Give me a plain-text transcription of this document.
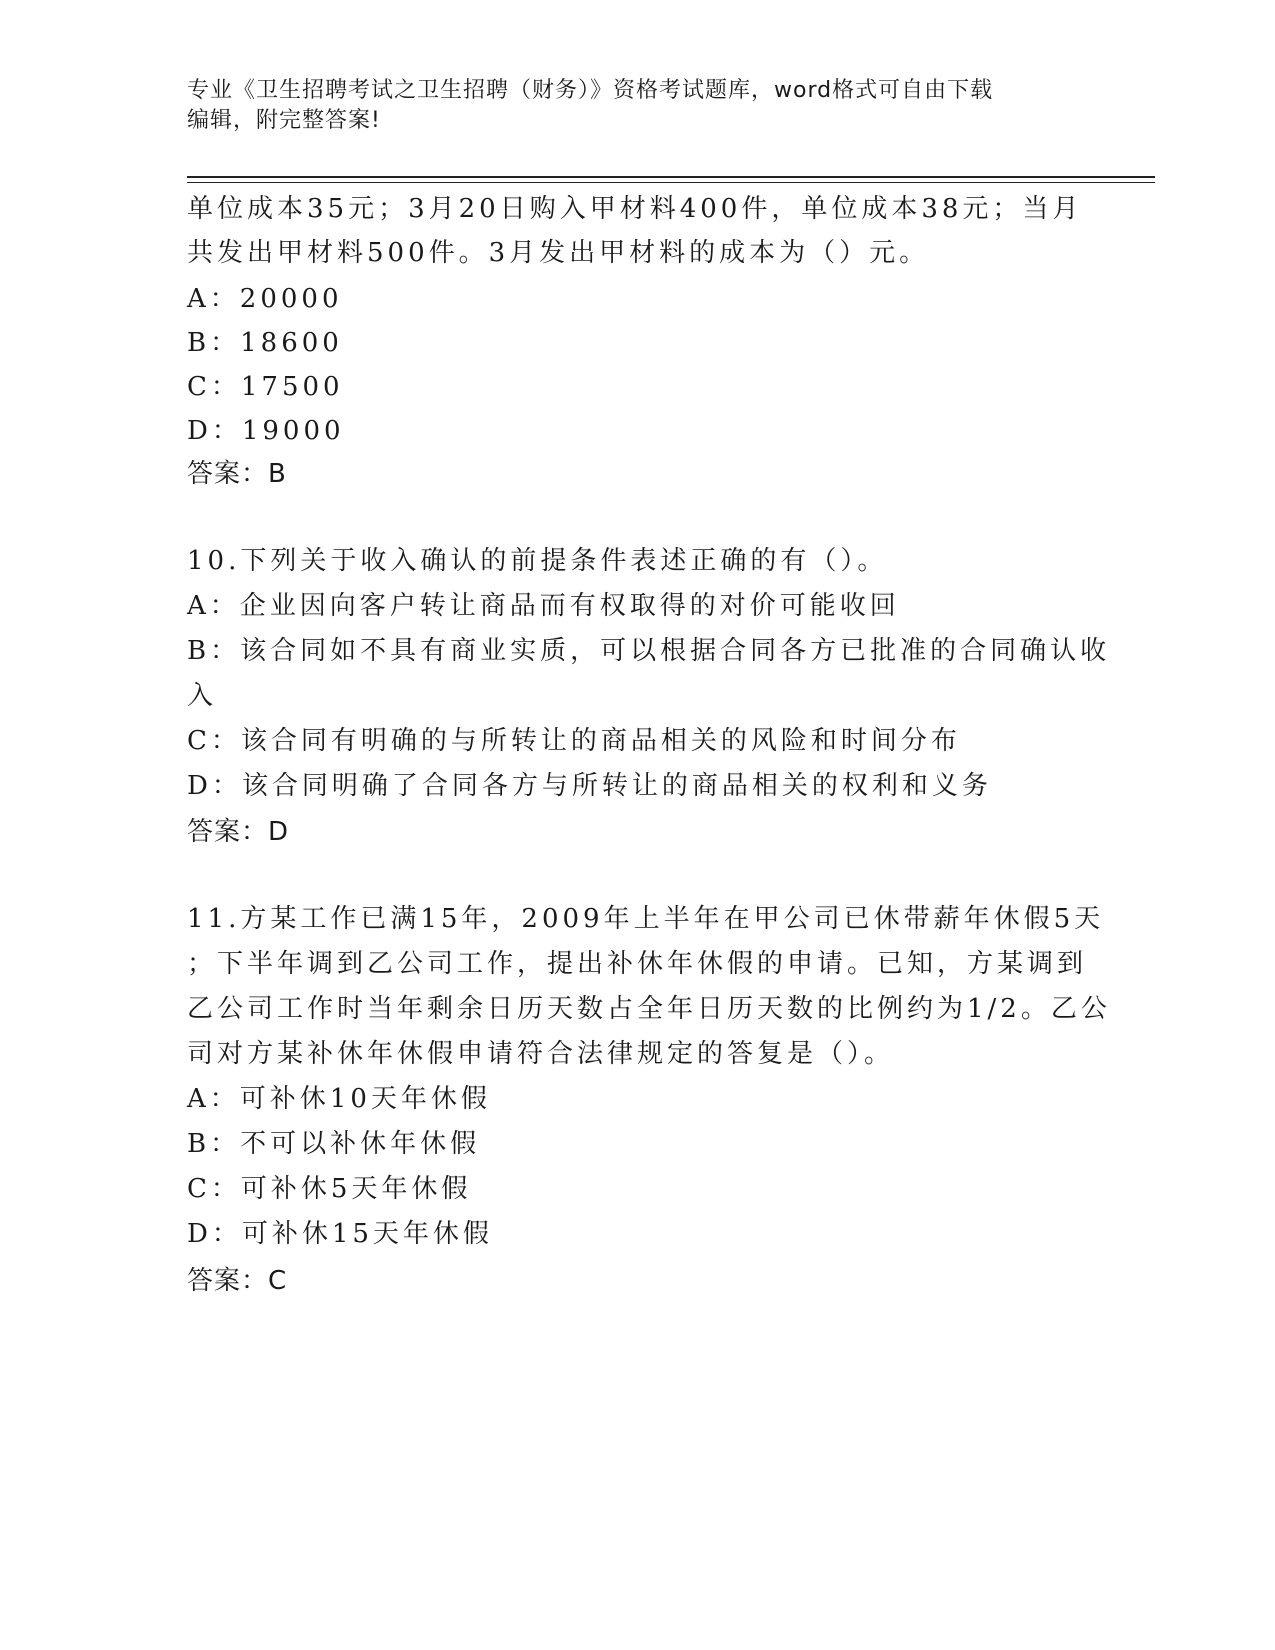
专业《卫生招聘考试之卫生招聘（财务）》资格考试题库，word格式可自由下载
编辑，附完整答案!
单位成本35元；3月20日购入甲材料400件，单位成本38元；当月
共发出甲材料500件。3月发出甲材料的成本为（）元。
A：20000
B：18600
C：17500
D：19000
答案：B
10.下列关于收入确认的前提条件表述正确的有（）。
A：企业因向客户转让商品而有权取得的对价可能收回
B：该合同如不具有商业实质，可以根据合同各方已批准的合同确认收
入
C：该合同有明确的与所转让的商品相关的风险和时间分布
D：该合同明确了合同各方与所转让的商品相关的权利和义务
答案：D
11.方某工作已满15年，2009年上半年在甲公司已休带薪年休假5天
；下半年调到乙公司工作，提出补休年休假的申请。已知，方某调到
乙公司工作时当年剩余日历天数占全年日历天数的比例约为1/2。乙公
司对方某补休年休假申请符合法律规定的答复是（）。
A：可补休10天年休假
B：不可以补休年休假
C：可补休5天年休假
D：可补休15天年休假
答案：C
